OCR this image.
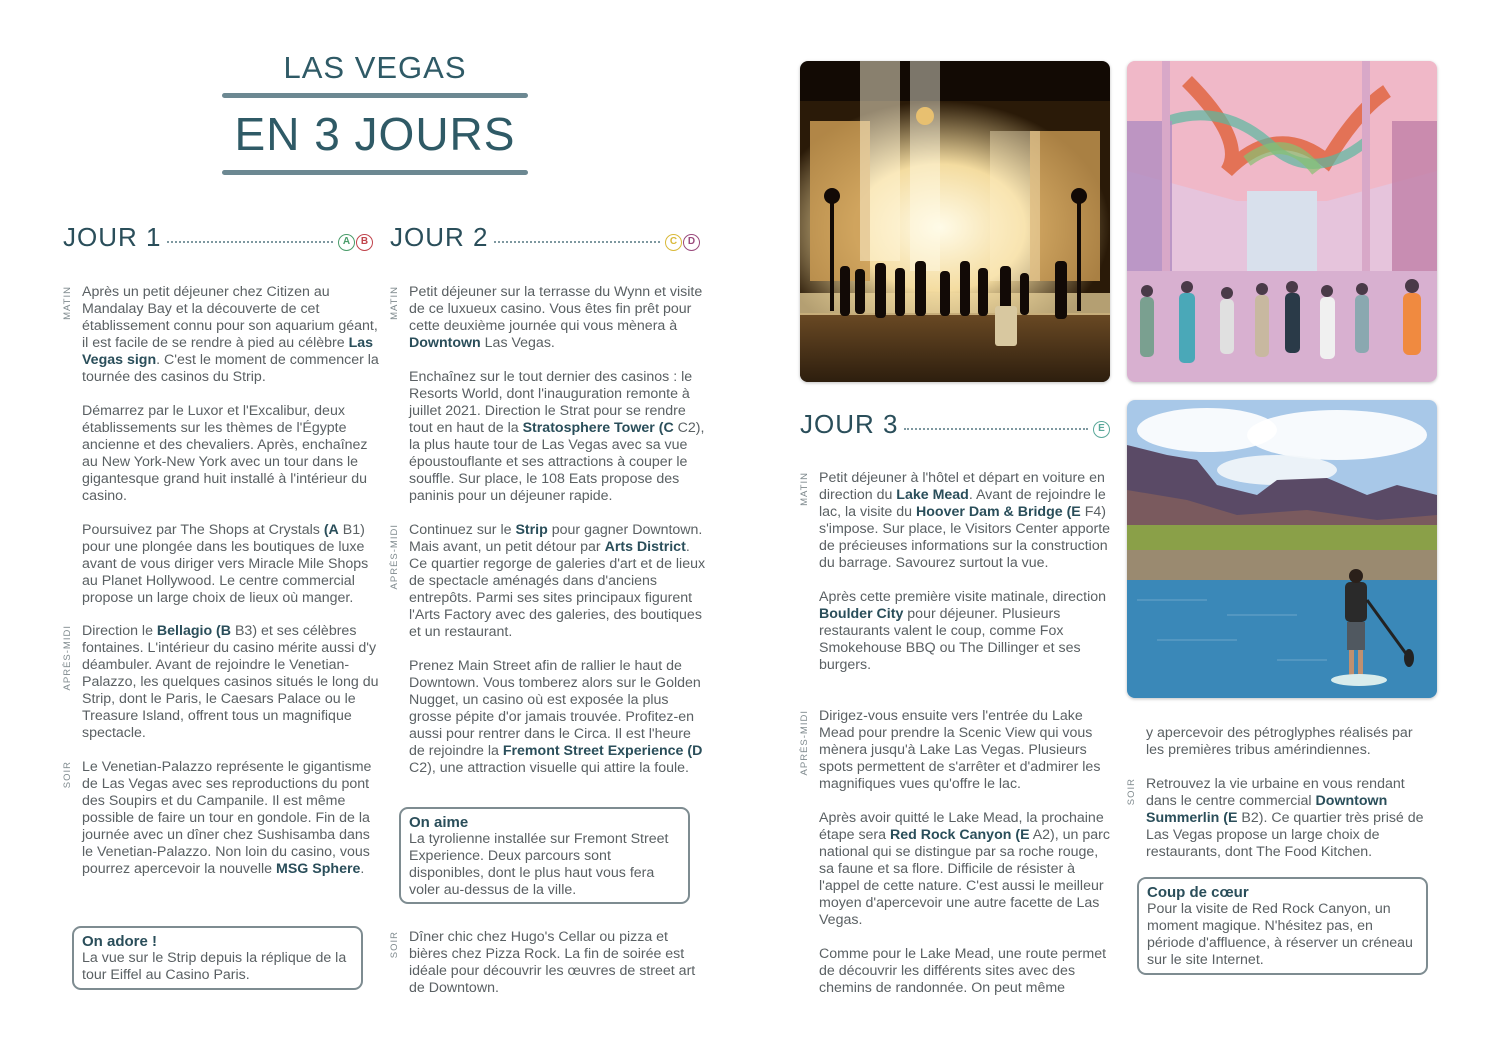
LAS VEGAS
EN 3 JOURS
JOUR 1	A	B
MATIN Après un petit déjeuner chez Citizen au Mandalay Bay et la découverte de cet établissement connu pour son aquarium géant, il est facile de se rendre à pied au célèbre Las Vegas sign. C'est le moment de commencer la tournée des casinos du Strip.

Démarrez par le Luxor et l'Excalibur, deux établissements sur les thèmes de l'Égypte ancienne et des chevaliers. Après, enchaînez au New York-New York avec un tour dans le gigantesque grand huit installé à l'intérieur du casino.

Poursuivez par The Shops at Crystals (A B1) pour une plongée dans les boutiques de luxe avant de vous diriger vers Miracle Mile Shops au Planet Hollywood. Le centre commercial propose un large choix de lieux où manger.

APRÈS-MIDI Direction le Bellagio (B B3) et ses célèbres fontaines. L'intérieur du casino mérite aussi d'y déambuler. Avant de rejoindre le Venetian-Palazzo, les quelques casinos situés le long du Strip, dont le Paris, le Caesars Palace ou le Treasure Island, offrent tous un magnifique spectacle.

SOIR Le Venetian-Palazzo représente le gigantisme de Las Vegas avec ses reproductions du pont des Soupirs et du Campanile. Il est même possible de faire un tour en gondole. Fin de la journée avec un dîner chez Sushisamba dans le Venetian-Palazzo. Non loin du casino, vous pourrez apercevoir la nouvelle MSG Sphere.

On adore !
La vue sur le Strip depuis la réplique de la tour Eiffel au Casino Paris.
JOUR 2	C	D
MATIN Petit déjeuner sur la terrasse du Wynn et visite de ce luxueux casino. Vous êtes fin prêt pour cette deuxième journée qui vous mènera à Downtown Las Vegas.

Enchaînez sur le tout dernier des casinos : le Resorts World, dont l'inauguration remonte à juillet 2021. Direction le Strat pour se rendre tout en haut de la Stratosphere Tower (C C2), la plus haute tour de Las Vegas avec sa vue époustouflante et ses attractions à couper le souffle. Sur place, le 108 Eats propose des paninis pour un déjeuner rapide.

APRÈS-MIDI Continuez sur le Strip pour gagner Downtown. Mais avant, un petit détour par Arts District. Ce quartier regorge de galeries d'art et de lieux de spectacle aménagés dans d'anciens entrepôts. Parmi ses sites principaux figurent l'Arts Factory avec des galeries, des boutiques et un restaurant.

Prenez Main Street afin de rallier le haut de Downtown. Vous tomberez alors sur le Golden Nugget, un casino où est exposée la plus grosse pépite d'or jamais trouvée. Profitez-en aussi pour rentrer dans le Circa. Il est l'heure de rejoindre la Fremont Street Experience (D C2), une attraction visuelle qui attire la foule.

On aime
La tyrolienne installée sur Fremont Street Experience. Deux parcours sont disponibles, dont le plus haut vous fera voler au-dessus de la ville.
SOIR Dîner chic chez Hugo's Cellar ou pizza et bières chez Pizza Rock. La fin de soirée est idéale pour découvrir les œuvres de street art de Downtown.

JOUR 3	E
MATIN Petit déjeuner à l'hôtel et départ en voiture en direction du Lake Mead. Avant de rejoindre le lac, la visite du Hoover Dam & Bridge (E F4) s'impose. Sur place, le Visitors Center apporte de précieuses informations sur la construction du barrage. Savourez surtout la vue.

Après cette première visite matinale, direction Boulder City pour déjeuner. Plusieurs restaurants valent le coup, comme Fox Smokehouse BBQ ou The Dillinger et ses burgers.

APRÈS-MIDI Dirigez-vous ensuite vers l'entrée du Lake Mead pour prendre la Scenic View qui vous mènera jusqu'à Lake Las Vegas. Plusieurs spots permettent de s'arrêter et d'admirer les magnifiques vues qu'offre le lac.

Après avoir quitté le Lake Mead, la prochaine étape sera Red Rock Canyon (E A2), un parc national qui se distingue par sa roche rouge, sa faune et sa flore. Difficile de résister à l'appel de cette nature. C'est aussi le meilleur moyen d'apercevoir une autre facette de Las Vegas.

Comme pour le Lake Mead, une route permet de découvrir les différents sites avec des chemins de randonnée. On peut même

y apercevoir des pétroglyphes réalisés par les premières tribus amérindiennes.

SOIR Retrouvez la vie urbaine en vous rendant dans le centre commercial Downtown Summerlin (E B2). Ce quartier très prisé de Las Vegas propose un large choix de restaurants, dont The Food Kitchen.

Coup de cœur
Pour la visite de Red Rock Canyon, un moment magique. N'hésitez pas, en période d'affluence, à réserver un créneau sur le site Internet.
